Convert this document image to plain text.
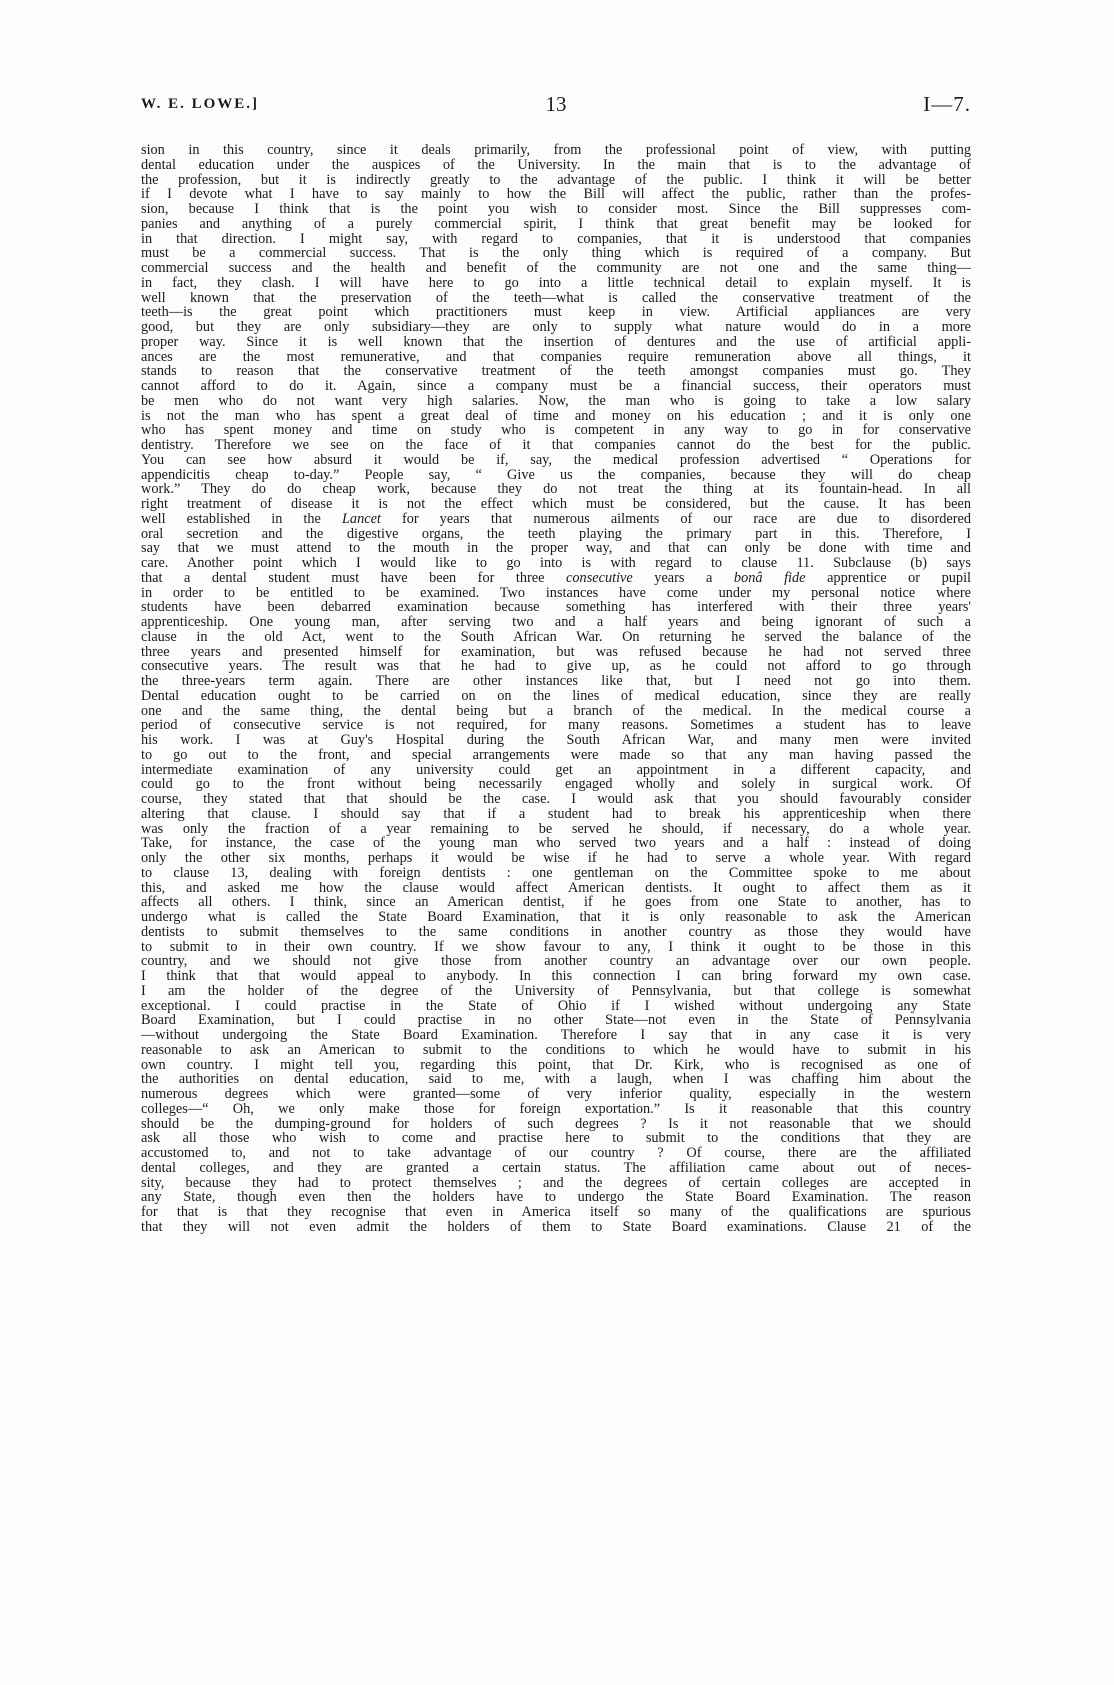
W. E. LOWE.]	13	I—7.
sion in this country, since it deals primarily, from the professional point of view, with putting
dental education under the auspices of the University. In the main that is to the advantage of
the profession, but it is indirectly greatly to the advantage of the public. I think it will be better
if I devote what I have to say mainly to how the Bill will affect the public, rather than the profes-
sion, because I think that is the point you wish to consider most. Since the Bill suppresses com-
panies and anything of a purely commercial spirit, I think that great benefit may be looked for
in that direction. I might say, with regard to companies, that it is understood that companies
must be a commercial success. That is the only thing which is required of a company. But
commercial success and the health and benefit of the community are not one and the same thing—
in fact, they clash. I will have here to go into a little technical detail to explain myself. It is
well known that the preservation of the teeth—what is called the conservative treatment of the
teeth—is the great point which practitioners must keep in view. Artificial appliances are very
good, but they are only subsidiary—they are only to supply what nature would do in a more
proper way. Since it is well known that the insertion of dentures and the use of artificial appli-
ances are the most remunerative, and that companies require remuneration above all things, it
stands to reason that the conservative treatment of the teeth amongst companies must go. They
cannot afford to do it. Again, since a company must be a financial success, their operators must
be men who do not want very high salaries. Now, the man who is going to take a low salary
is not the man who has spent a great deal of time and money on his education ; and it is only one
who has spent money and time on study who is competent in any way to go in for conservative
dentistry. Therefore we see on the face of it that companies cannot do the best for the public.
You can see how absurd it would be if, say, the medical profession advertised “ Operations for
appendicitis cheap to-day.” People say, “ Give us the companies, because they will do cheap
work.” They do do cheap work, because they do not treat the thing at its fountain-head. In all
right treatment of disease it is not the effect which must be considered, but the cause. It has been
well established in the Lancet for years that numerous ailments of our race are due to disordered
oral secretion and the digestive organs, the teeth playing the primary part in this. Therefore, I
say that we must attend to the mouth in the proper way, and that can only be done with time and
care. Another point which I would like to go into is with regard to clause 11. Subclause (b) says
that a dental student must have been for three consecutive years a bonâ fide apprentice or pupil
in order to be entitled to be examined. Two instances have come under my personal notice where
students have been debarred examination because something has interfered with their three years'
apprenticeship. One young man, after serving two and a half years and being ignorant of such a
clause in the old Act, went to the South African War. On returning he served the balance of the
three years and presented himself for examination, but was refused because he had not served three
consecutive years. The result was that he had to give up, as he could not afford to go through
the three-years term again. There are other instances like that, but I need not go into them.
Dental education ought to be carried on on the lines of medical education, since they are really
one and the same thing, the dental being but a branch of the medical. In the medical course a
period of consecutive service is not required, for many reasons. Sometimes a student has to leave
his work. I was at Guy's Hospital during the South African War, and many men were invited
to go out to the front, and special arrangements were made so that any man having passed the
intermediate examination of any university could get an appointment in a different capacity, and
could go to the front without being necessarily engaged wholly and solely in surgical work. Of
course, they stated that that should be the case. I would ask that you should favourably consider
altering that clause. I should say that if a student had to break his apprenticeship when there
was only the fraction of a year remaining to be served he should, if necessary, do a whole year.
Take, for instance, the case of the young man who served two years and a half : instead of doing
only the other six months, perhaps it would be wise if he had to serve a whole year. With regard
to clause 13, dealing with foreign dentists : one gentleman on the Committee spoke to me about
this, and asked me how the clause would affect American dentists. It ought to affect them as it
affects all others. I think, since an American dentist, if he goes from one State to another, has to
undergo what is called the State Board Examination, that it is only reasonable to ask the American
dentists to submit themselves to the same conditions in another country as those they would have
to submit to in their own country. If we show favour to any, I think it ought to be those in this
country, and we should not give those from another country an advantage over our own people.
I think that that would appeal to anybody. In this connection I can bring forward my own case.
I am the holder of the degree of the University of Pennsylvania, but that college is somewhat
exceptional. I could practise in the State of Ohio if I wished without undergoing any State
Board Examination, but I could practise in no other State—not even in the State of Pennsylvania
—without undergoing the State Board Examination. Therefore I say that in any case it is very
reasonable to ask an American to submit to the conditions to which he would have to submit in his
own country. I might tell you, regarding this point, that Dr. Kirk, who is recognised as one of
the authorities on dental education, said to me, with a laugh, when I was chaffing him about the
numerous degrees which were granted—some of very inferior quality, especially in the western
colleges—“ Oh, we only make those for foreign exportation.” Is it reasonable that this country
should be the dumping-ground for holders of such degrees ? Is it not reasonable that we should
ask all those who wish to come and practise here to submit to the conditions that they are
accustomed to, and not to take advantage of our country ? Of course, there are the affiliated
dental colleges, and they are granted a certain status. The affiliation came about out of neces-
sity, because they had to protect themselves ; and the degrees of certain colleges are accepted in
any State, though even then the holders have to undergo the State Board Examination. The reason
for that is that they recognise that even in America itself so many of the qualifications are spurious
that they will not even admit the holders of them to State Board examinations. Clause 21 of the
